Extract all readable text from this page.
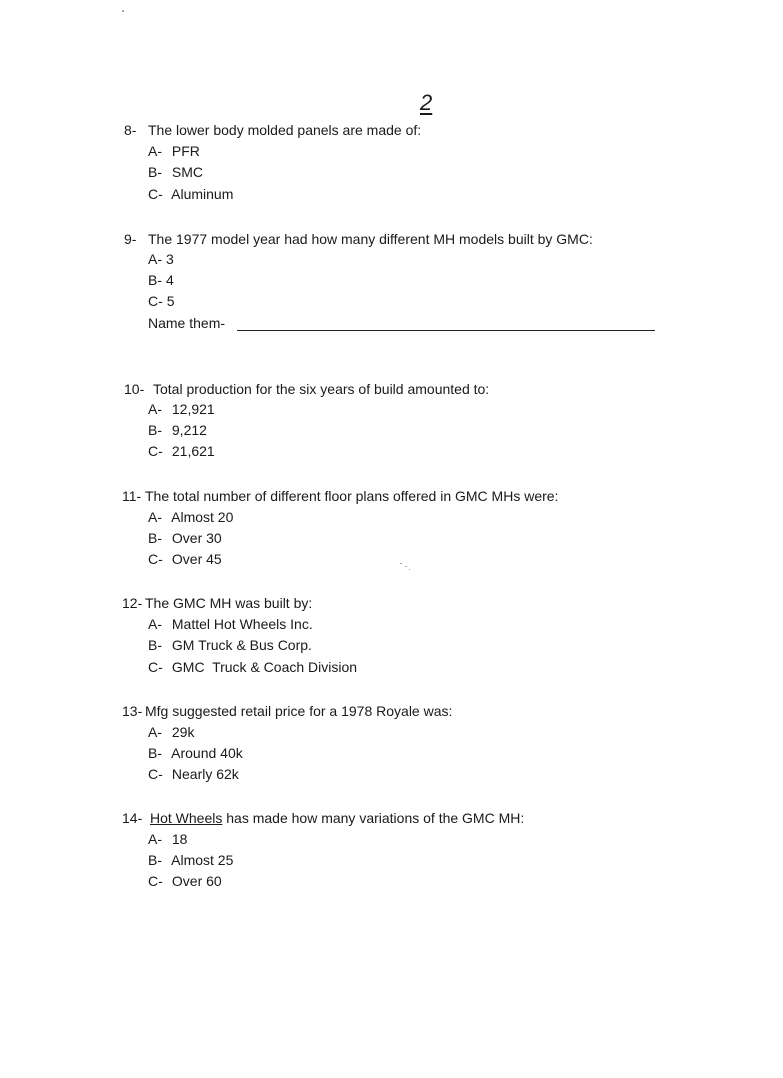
2
8- The lower body molded panels are made of:
A- PFR
B- SMC
C- Aluminum
9- The 1977 model year had how many different MH models built by GMC:
A- 3
B- 4
C- 5
Name them-
10- Total production for the six years of build amounted to:
A- 12,921
B- 9,212
C- 21,621
11- The total number of different floor plans offered in GMC MHs were:
A- Almost 20
B- Over 30
C- Over 45
12- The GMC MH was built by:
A- Mattel Hot Wheels Inc.
B- GM Truck & Bus Corp.
C- GMC  Truck & Coach Division
13- Mfg suggested retail price for a 1978 Royale was:
A- 29k
B- Around 40k
C- Nearly 62k
14- Hot Wheels has made how many variations of the GMC MH:
A- 18
B- Almost 25
C- Over 60
